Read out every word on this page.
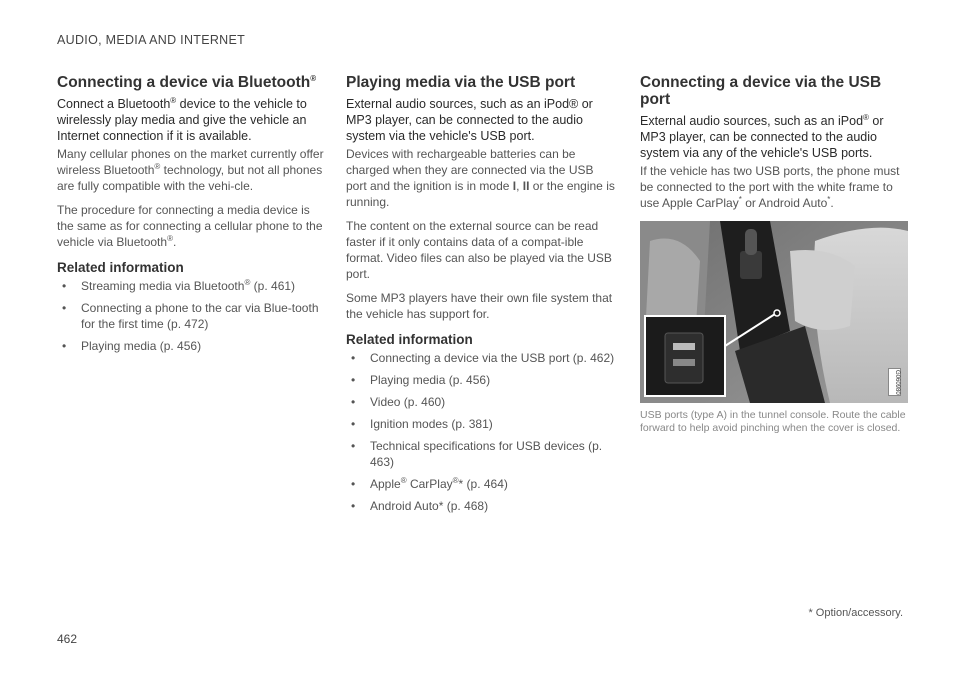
AUDIO, MEDIA AND INTERNET
Connecting a device via Bluetooth®
Connect a Bluetooth® device to the vehicle to wirelessly play media and give the vehicle an Internet connection if it is available.

Many cellular phones on the market currently offer wireless Bluetooth® technology, but not all phones are fully compatible with the vehi-cle.

The procedure for connecting a media device is the same as for connecting a cellular phone to the vehicle via Bluetooth®.

Related information
• Streaming media via Bluetooth® (p. 461)
• Connecting a phone to the car via Blue-tooth for the first time (p. 472)
• Playing media (p. 456)
Playing media via the USB port
External audio sources, such as an iPod® or MP3 player, can be connected to the audio system via the vehicle's USB port.

Devices with rechargeable batteries can be charged when they are connected via the USB port and the ignition is in mode I, II or the engine is running.

The content on the external source can be read faster if it only contains data of a compat-ible format. Video files can also be played via the USB port.

Some MP3 players have their own file system that the vehicle has support for.

Related information
• Connecting a device via the USB port (p. 462)
• Playing media (p. 456)
• Video (p. 460)
• Ignition modes (p. 381)
• Technical specifications for USB devices (p. 463)
• Apple® CarPlay®* (p. 464)
• Android Auto* (p. 468)
Connecting a device via the USB port
External audio sources, such as an iPod® or MP3 player, can be connected to the audio system via any of the vehicle's USB ports.

If the vehicle has two USB ports, the phone must be connected to the port with the white frame to use Apple CarPlay* or Android Auto*.

G060980
USB ports (type A) in the tunnel console. Route the cable forward to help avoid pinching when the cover is closed.
* Option/accessory.
462
